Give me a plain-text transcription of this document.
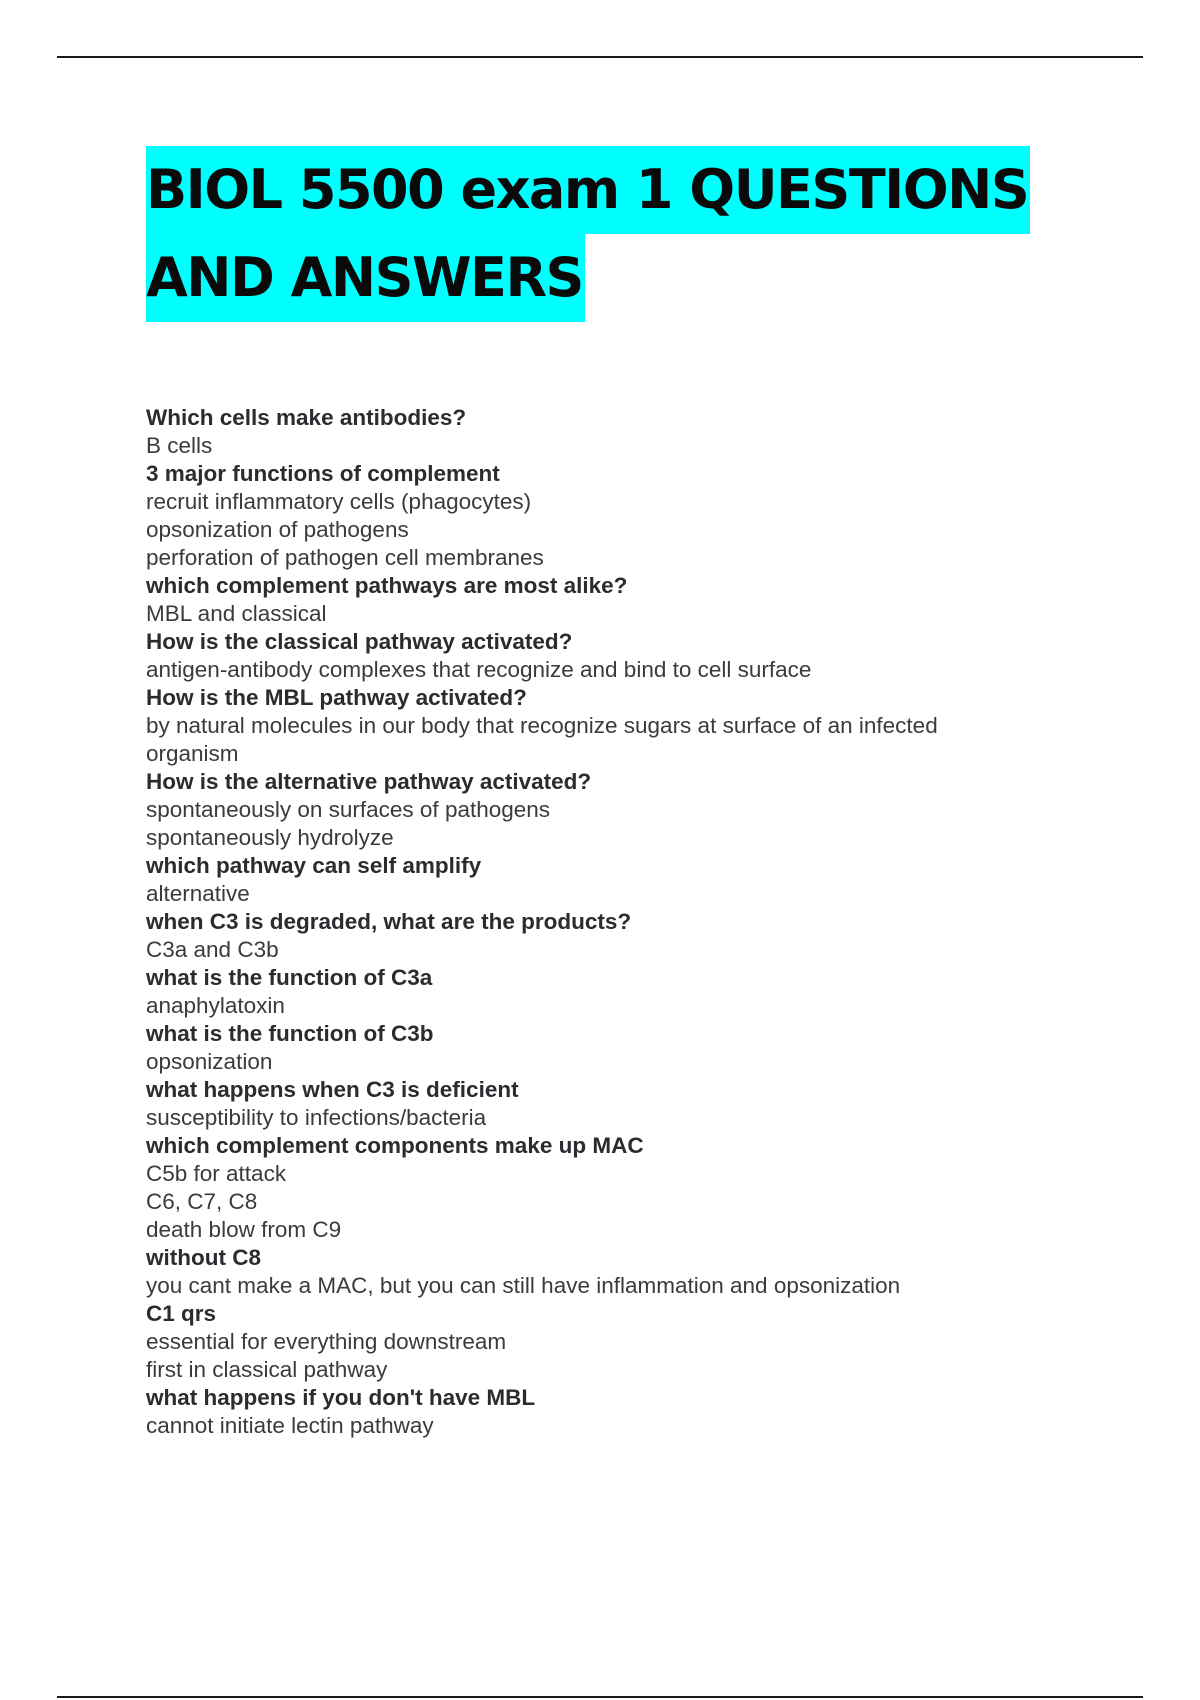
BIOL 5500 exam 1 QUESTIONS
AND ANSWERS
Which cells make antibodies?
B cells
3 major functions of complement
recruit inflammatory cells (phagocytes)
opsonization of pathogens
perforation of pathogen cell membranes
which complement pathways are most alike?
MBL and classical
How is the classical pathway activated?
antigen-antibody complexes that recognize and bind to cell surface
How is the MBL pathway activated?
by natural molecules in our body that recognize sugars at surface of an infected
organism
How is the alternative pathway activated?
spontaneously on surfaces of pathogens
spontaneously hydrolyze
which pathway can self amplify
alternative
when C3 is degraded, what are the products?
C3a and C3b
what is the function of C3a
anaphylatoxin
what is the function of C3b
opsonization
what happens when C3 is deficient
susceptibility to infections/bacteria
which complement components make up MAC
C5b for attack
C6, C7, C8
death blow from C9
without C8
you cant make a MAC, but you can still have inflammation and opsonization
C1 qrs
essential for everything downstream
first in classical pathway
what happens if you don't have MBL
cannot initiate lectin pathway
